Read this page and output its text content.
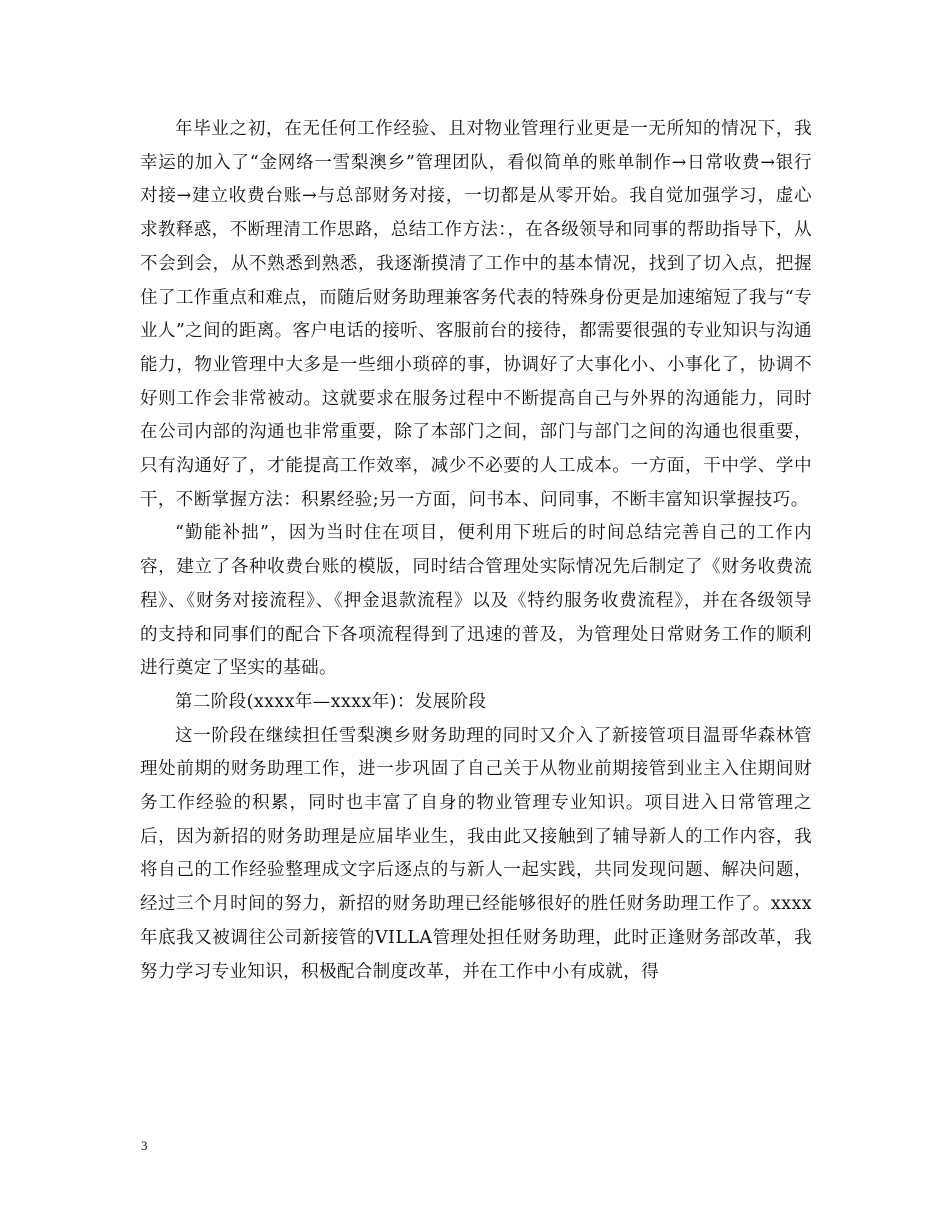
年毕业之初，在无任何工作经验、且对物业管理行业更是一无所知的情况下，我幸运的加入了“金网络一雪梨澳乡”管理团队，看似简单的账单制作→日常收费→银行对接→建立收费台账→与总部财务对接，一切都是从零开始。我自觉加强学习，虚心求教释惑，不断理清工作思路，总结工作方法：，在各级领导和同事的帮助指导下，从不会到会，从不熟悉到熟悉，我逐渐摸清了工作中的基本情况，找到了切入点，把握住了工作重点和难点，而随后财务助理兼客务代表的特殊身份更是加速缩短了我与“专业人”之间的距离。客户电话的接听、客服前台的接待，都需要很强的专业知识与沟通能力，物业管理中大多是一些细小琐碎的事，协调好了大事化小、小事化了，协调不好则工作会非常被动。这就要求在服务过程中不断提高自己与外界的沟通能力，同时在公司内部的沟通也非常重要，除了本部门之间，部门与部门之间的沟通也很重要，只有沟通好了，才能提高工作效率，减少不必要的人工成本。一方面，干中学、学中干，不断掌握方法：积累经验;另一方面，问书本、问同事，不断丰富知识掌握技巧。

“勤能补拙”，因为当时住在项目，便利用下班后的时间总结完善自己的工作内容，建立了各种收费台账的模版，同时结合管理处实际情况先后制定了《财务收费流程》、《财务对接流程》、《押金退款流程》以及《特约服务收费流程》，并在各级领导的支持和同事们的配合下各项流程得到了迅速的普及，为管理处日常财务工作的顺利进行奠定了坚实的基础。

第二阶段(xxxx年—xxxx年)：发展阶段

这一阶段在继续担任雪梨澳乡财务助理的同时又介入了新接管项目温哥华森林管理处前期的财务助理工作，进一步巩固了自己关于从物业前期接管到业主入住期间财务工作经验的积累，同时也丰富了自身的物业管理专业知识。项目进入日常管理之后，因为新招的财务助理是应届毕业生，我由此又接触到了辅导新人的工作内容，我将自己的工作经验整理成文字后逐点的与新人一起实践，共同发现问题、解决问题，经过三个月时间的努力，新招的财务助理已经能够很好的胜任财务助理工作了。xxxx年底我又被调往公司新接管的VILLA管理处担任财务助理，此时正逢财务部改革，我努力学习专业知识，积极配合制度改革，并在工作中小有成就，得

3
